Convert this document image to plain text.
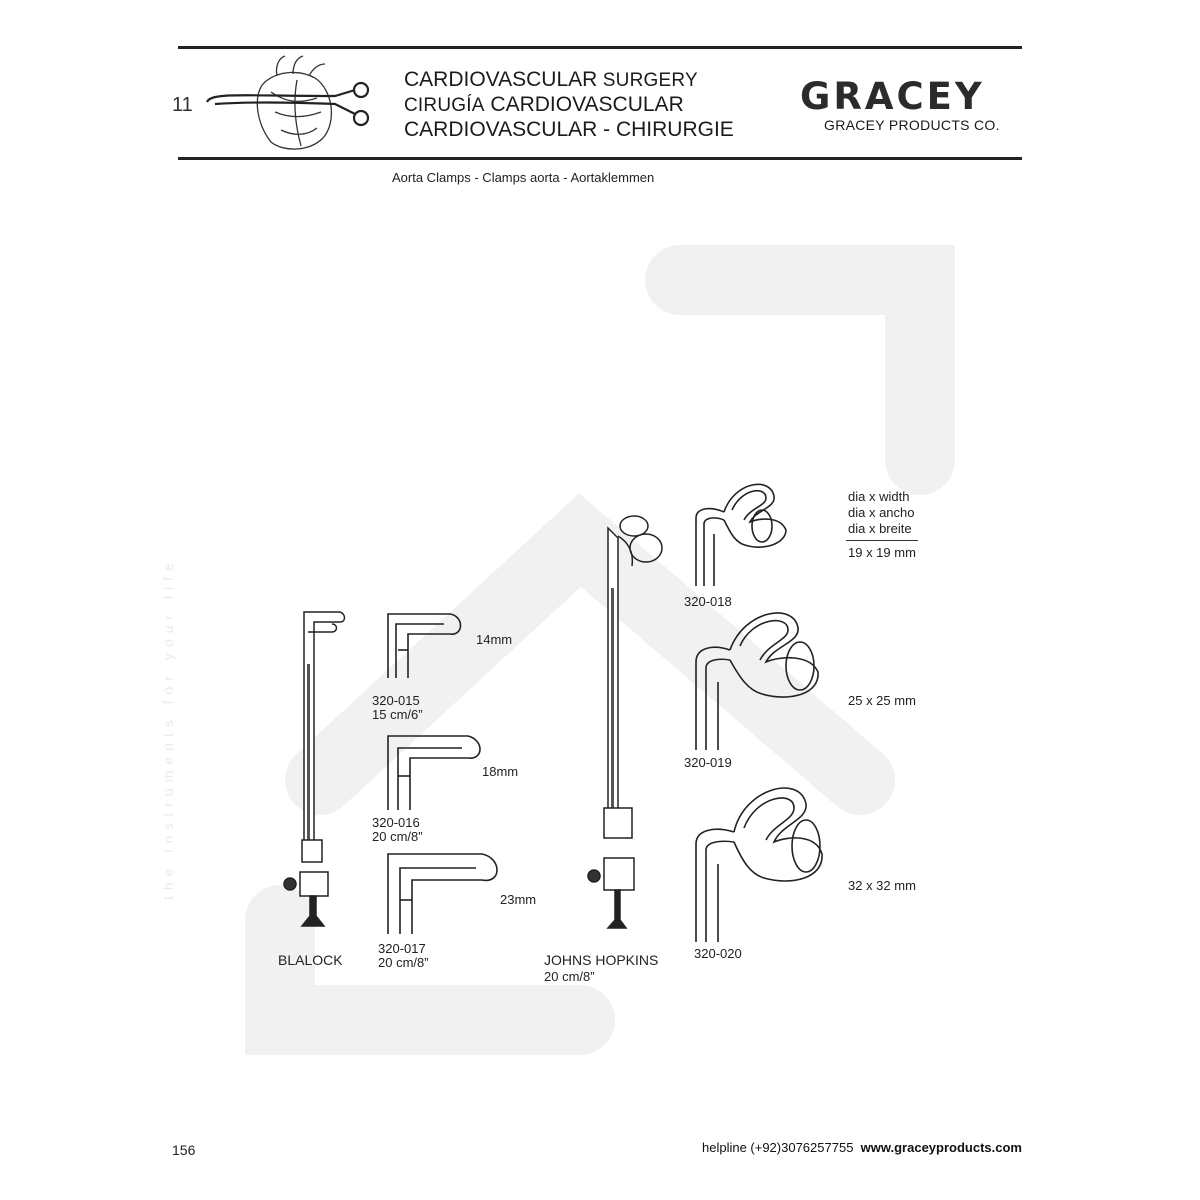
the instruments for your life
11
CARDIOVASCULAR SURGERY
CIRUGÍA CARDIOVASCULAR
CARDIOVASCULAR - CHIRURGIE
GRACEY
GRACEY PRODUCTS CO.
Aorta Clamps - Clamps aorta - Aortaklemmen
BLALOCK
14mm
320-015
15 cm/6”
18mm
320-016
20 cm/8”
23mm
320-017
20 cm/8”	JOHNS HOPKINS
20 cm/8”
320-018
320-019
320-020
dia x width
dia x ancho
dia x breite
19 x 19 mm
25 x 25 mm
32 x 32 mm
156	helpline (+92)3076257755 www.graceyproducts.com
